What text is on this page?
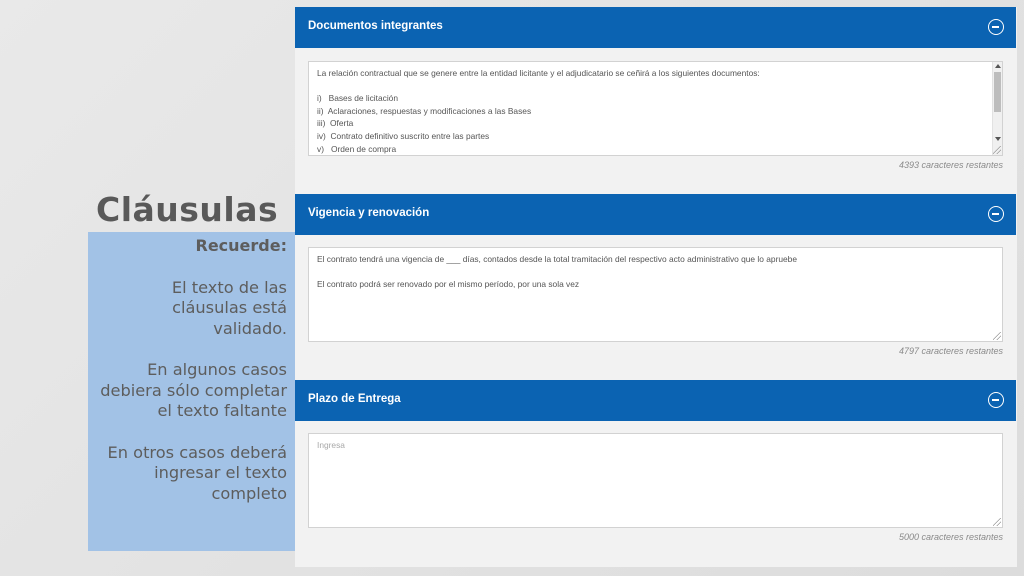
Cláusulas
Recuerde:
El texto de las cláusulas está validado.
En algunos casos debiera sólo completar el texto faltante
En otros casos deberá ingresar el texto completo
Documentos integrantes
La relación contractual que se genere entre la entidad licitante y el adjudicatario se ceñirá a los siguientes documentos:
i)   Bases de licitación
ii)  Aclaraciones, respuestas y modificaciones a las Bases
iii)  Oferta
iv)  Contrato definitivo suscrito entre las partes
v)   Orden de compra
4393 caracteres restantes
Vigencia y renovación
El contrato tendrá una vigencia de ___ días, contados desde la total tramitación del respectivo acto administrativo que lo apruebe
El contrato podrá ser renovado por el mismo período, por una sola vez
4797 caracteres restantes
Plazo de Entrega
Ingresa
5000 caracteres restantes
